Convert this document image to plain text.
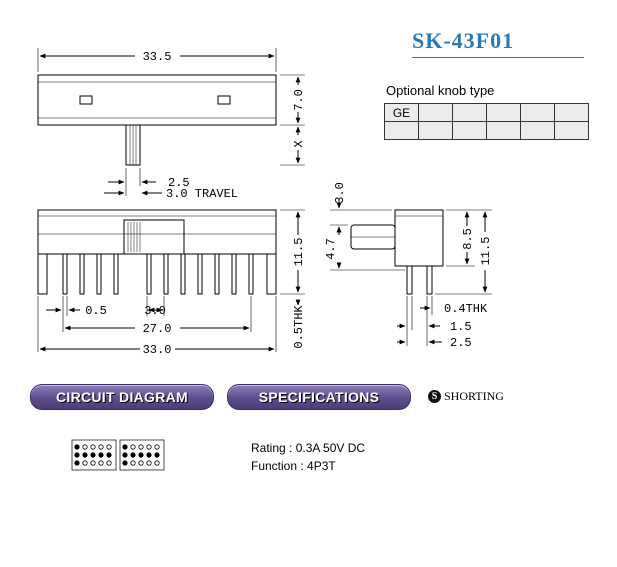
33.5
7.0
X
2.5
3.0 TRAVEL
11.5
0.5THK
0.5	3.0
27.0
33.0
3.0
4.7	8.5 11.5
0.4THK
1.5
2.5
SK-43F01
Optional knob type
GE					

CIRCUIT DIAGRAM	SPECIFICATIONS	S SHORTING
Rating : 0.3A 50V DC
Function : 4P3T
